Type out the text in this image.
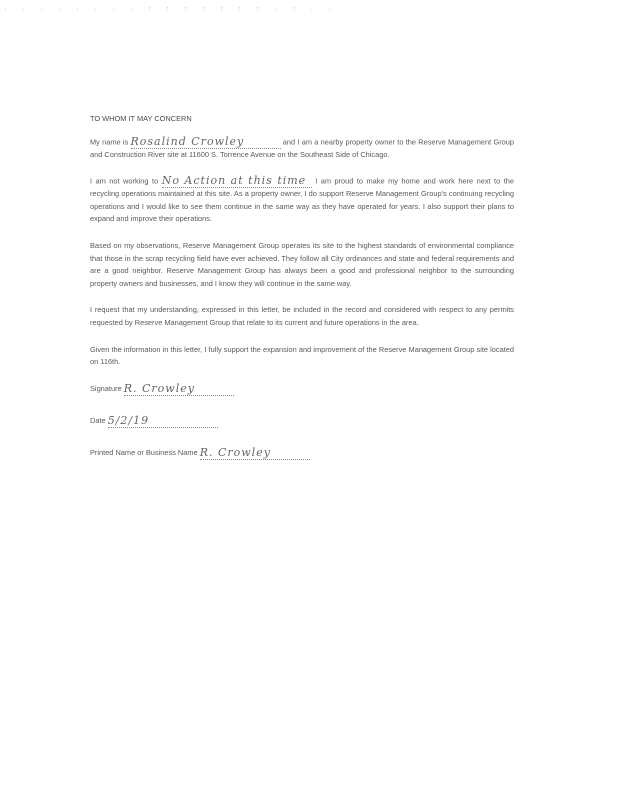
. . . . . . . . : : : : : : : . : . .

TO WHOM IT MAY CONCERN

My name is Rosalind Crowley	and I am a nearby property owner to the Reserve Management Group and Construction River site at 11600 S. Torrence Avenue on the Southeast Side of Chicago.

I am not working to No Action at this time I am proud to make my home and work here next to the recycling operations maintained at this site. As a property owner, I do support Reserve Management Group's continuing recycling operations and I would like to see them continue in the same way as they have operated for years. I also support their plans to expand and improve their operations.

Based on my observations, Reserve Management Group operates its site to the highest standards of environmental compliance that those in the scrap recycling field have ever achieved. They follow all City ordinances and state and federal requirements and are a good neighbor. Reserve Management Group has always been a good and professional neighbor to the surrounding property owners and businesses, and I know they will continue in the same way.

I request that my understanding, expressed in this letter, be included in the record and considered with respect to any permits requested by Reserve Management Group that relate to its current and future operations in the area.

Given the information in this letter, I fully support the expansion and improvement of the Reserve Management Group site located on 116th.

Signature R. Crowley
Date 5/2/19
Printed Name or Business Name R. Crowley
